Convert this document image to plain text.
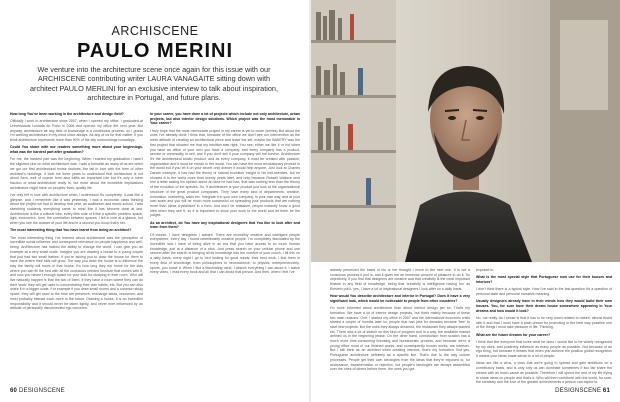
ARCHISCENE
PAULO MERINI
We venture into the architecture scene once again for this issue with our ARCHISCENE contributing writer LAURA VANAGAITE sitting down with architect PAULO MERLINI for an exclusive interview to talk about inspiration, architecture in Portugal, and future plans.

How long You've been working in the architecture and design field?

Officially I work in architecture since 2007, when I opened my office. I graduated at Universidade Lusiada do Porto in 2006 and opened my office the next year. But anyway, architecture as any field of knowledge is a continuous process, so I guess I'm working architecture in my mind since always. As any of us for that matter, if you think architecture represents more than 90% of the city surroundings nowadays.

Could You share with our readers something more about your beginnings, what was the hardest part after graduation?

For me, the hardest part was the beginning. When I started my graduation I hadn't the slightest clue on what architecture was. I was a formalist as many of us are when we got our first architectural house routines, the fall in love with the form of other architect's buildings. It took me three years to understand that architecture is not about form, well of course form also fulfils an important role but it's only a mere fraction of what architecture really is, but more about the incredible implications architecture might have on peoples' lives, quality life.

I've only felt in love with architecture when I understood it's complexity. It was like a glimpse, and I remember like it was yesterday. I was a economic class thinking about the project we had to develop that year, an auditorium and music school. I was sketching suddenly everything came to mind like it has become clear at last. Architecture is like a cultural vibe, every little note of it like a specific problem: space, light, economics, form, the correlation between spaces. I fell in love at a glance, but when you see the answer of your life and in a second you know that's her.

The most interesting thing that You have learnt from being an architect?

The most interesting thing I've learned about architecture was the perception of incredible social influence and consequent relevance on people happiness and well-being. Architecture has indeed the ability to change the world. I can give you an example at a very small scale. Imagine you are drawing a house to a young couple that just had two small babies. If you're asking you to draw the house for them to have the where their kids will grow. The way you draw the house is to influence the way the family will move in that house. It's how long they run home for the kids where you can fill the bed with all the conscious needed furniture that comes with it, and now you haven't enough space for your kids for studying in their room. Who will live naturally happen is that the two of them, if they have a room where they can do their 'work' they will get used to concentrating their own habits, etc. But you can also make it in a bigger scale. For example if you draw small rooms and a common study space, they will get used to the time are presence, exchange ideas, resources, and most probably interact each more in the future. Drawing a house, it is an incredible responsibility and it should never be taken lightly, and never ever influenced by an attitude of personally disconnected ego concerns.

In your career, you have done a lot of projects which include not only architecture, urban projects, but also interior design solutions. Which project was the most memorable in Your career?

I truly hope that the most memorable project in my career is yet to come (smiles) But about the ones I've already done I think that, because of the office we don't see our intervention as the mere attitude of creating an architectural piece and leave the set, maybe the BAKERY was the first project that showed me that my intuition was right. You see, either we like it or not when you have an office of your own you have a company, and every company has a product, service or commodity to sell, and if you don't sell it your company will not survive. Architecture it's the architectural studio product, and as every company, it must be created with passion, organization and it must be shown to the world. You can have the most revolutionary product in the world but if you let it on your secret only drawer it would help anyone. Just look at Charles Darwin example, it has had the theory of natural evolution insight in his mid-twenties, but he showed it to the world more than twenty years later, and only because Russell Wallace sent him a letter asking his opinion about an idea he had had, that was nothing less than the theory of the evolution of the species. So, if architecture is your product just look at the organizational structure of the great product companies. They have every kind of departments; creative, innovation, marketing, sales etc. Integrate it in your own company, in your own way, and at your own scale and you will be much more successful on spreading your products that are nothing more than ideas crystallized in a form. And don't be mistaken, people instantly know a good idea when they see it, so it is important to show your work to the world and let them be the judges.

As an architect, do You have any inspirational designers that You like to look after and learn from them?

Of course, I have designers I admire. There are incredibly creative and intelligent people everywhere, every day I found unbelievably creative people. I'm completely fascinated by the incredible luck I have of being alive in an era that you have access to so much human knowledge, just at a distance of a click. Just press search on your cellular phone and one second after the search is bringing all its knowledge into the comfort of your couch. I fill this on a daily basis, every night I go to bed looking for good minds; their best work. I find them in every field of knowledge, from philosophers to neuroscience, to physics, entrepreneurship, sports, you name it. When I find a fascinating mind, I absorb everything I can about it, I watch every video, I read every book and all that I can about that person. And then, when I feel I've

60 DESIGNSCENE

already perceived the basis of his or her thought I move to the next one. It is not a conscious process it just is, and it gives me an immense amount of pleasure to do it. So objectively, if you find that designers are creative and that creativity is the most important feature in any field of knowledge, being that 'creativity is intelligence having fun' as Einstein put it, yes, I have a lot of inspirational designers I look after on a daily basis.

How would You describe architecture and interior in Portugal? Does it have a very significant look, which would be noticeable to people from other countries?

I'm more informed about architecture than about interior design per se. That's my formation. We have a lot of interior design projects, but that's mainly because of these two main reasons. One, I started my office in 2007 and the international economic crisis started a couple of months later so, people that had jobs for decades became 'free' to start new projects, like the ones they always dreamed, the restaurant they always wanted etc. There was a lot of search on this kind of program and in a way, the available market defined us in the beginning phase. On the other hand, construction from scratch has a much more time-consuming licensing and bureaucratic process, and because we're a young office most of our finished works, and consequently known works, are interiors. But I still think as an architect when creating interiors, that's my formation. But yes, Portuguese architecture definitely as a specific line. That's due to the way culture processes. People get their own ideologies from the ideas that they're exposed to, for acceptance, transformation or rejection, but people's ideologies are always assembled over the ones of others before them, the ones you got

exposed to.

What is the most special style that Portuguese now use for their houses and interiors?

I don't think there is a typical style. How I've said in the last question it's a question of personal taste and personal narrative meaning.

Usually designers already have in their minds how they would build their own houses. You, for sure have their dream house somewhere appearing in Your dreams and how would it look?

No, not really. As I sense is that it has to be very much related to nature, almost fused with it and that I must have a plain dream for promoting in the best way possible one of the things I most take pleasure in life. Thinking.

What are the future dreams for your career?

I think that like everyone that loves what he does I would like to be widely recognized by my work, and positively influence as many people as possible. Not because of an ego thing, but because it means that when you achieve the positive global recognition it means your ideas made sense to a lot of people.

Ideas are like a virus, a virus that we're going to spread and gain ambitions on a contributory basis, and is only only us can dominate sometimes if two fair share the means with as much cause as possible. Therefore I will spend the rest of my life trying to share ideas on people and that's it. Who will then contribute with the world, for sure, the creativity and the love of the greater achievements a person can aspire to.

DESIGNSCENE 61
